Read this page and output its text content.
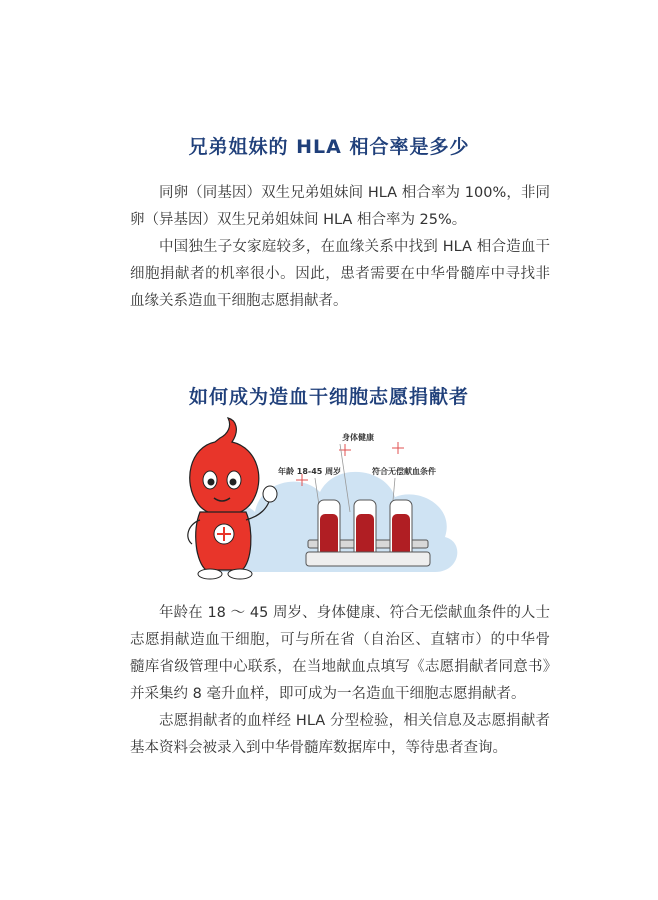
兄弟姐妹的 HLA 相合率是多少

同卵（同基因）双生兄弟姐妹间 HLA 相合率为 100%，非同卵（异基因）双生兄弟姐妹间 HLA 相合率为 25%。

中国独生子女家庭较多，在血缘关系中找到 HLA 相合造血干细胞捐献者的机率很小。因此，患者需要在中华骨髓库中寻找非血缘关系造血干细胞志愿捐献者。

如何成为造血干细胞志愿捐献者
年龄 18-45 周岁
身体健康
符合无偿献血条件

年龄在 18 ～ 45 周岁、身体健康、符合无偿献血条件的人士志愿捐献造血干细胞，可与所在省（自治区、直辖市）的中华骨髓库省级管理中心联系，在当地献血点填写《志愿捐献者同意书》并采集约 8 毫升血样，即可成为一名造血干细胞志愿捐献者。

志愿捐献者的血样经 HLA 分型检验，相关信息及志愿捐献者基本资料会被录入到中华骨髓库数据库中，等待患者查询。
